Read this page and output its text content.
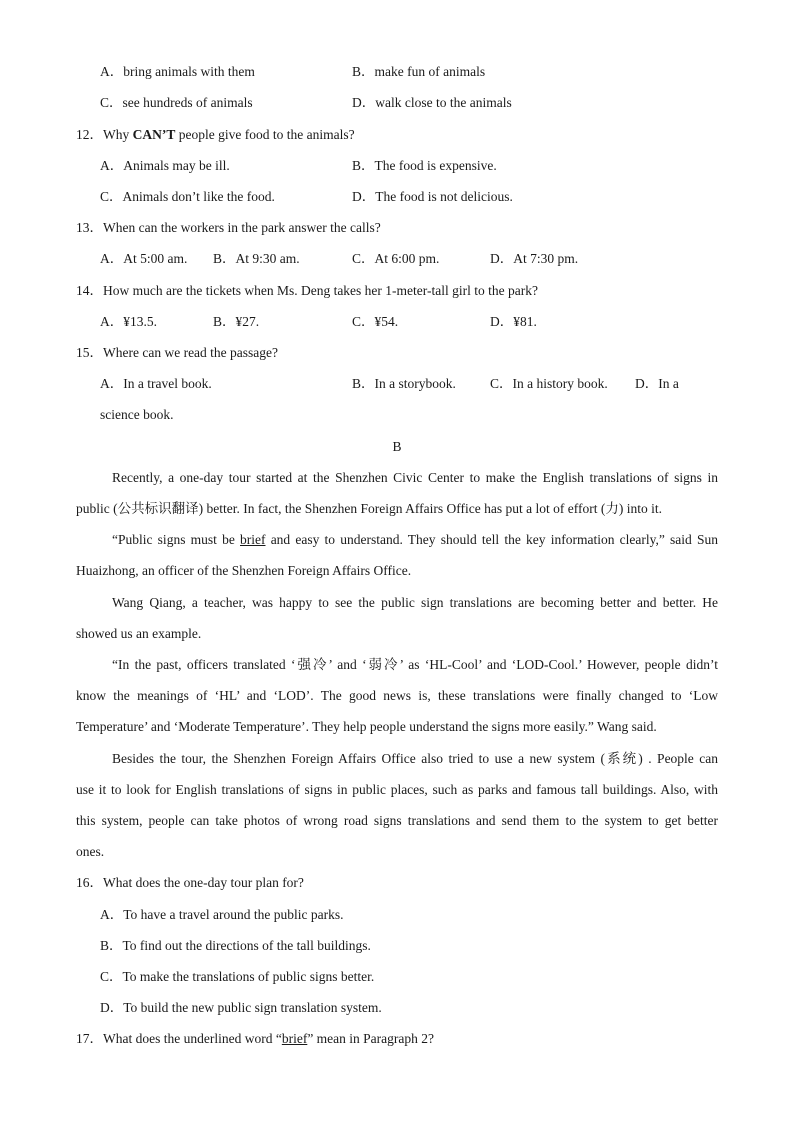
A．bring animals with them	B．make fun of animals
C．see hundreds of animals	D．walk close to the animals
12．Why CAN’T people give food to the animals?
A．Animals may be ill.	B．The food is expensive.
C．Animals don’t like the food.	D．The food is not delicious.
13．When can the workers in the park answer the calls?
A．At 5:00 am. B．At 9:30 am.	C．At 6:00 pm.	D．At 7:30 pm.
14．How much are the tickets when Ms. Deng takes her 1-meter-tall girl to the park?
A．¥13.5.	B．¥27.	C．¥54.	D．¥81.
15．Where can we read the passage?
A．In a travel book.	B．In a storybook.	C．In a history book. D．In a
science book.
B
Recently, a one-day tour started at the Shenzhen Civic Center to make the English translations of signs in
public (公共标识翻译) better. In fact, the Shenzhen Foreign Affairs Office has put a lot of effort (力) into it.
“Public signs must be brief and easy to understand. They should tell the key information clearly,” said Sun
Huaizhong, an officer of the Shenzhen Foreign Affairs Office.
Wang Qiang, a teacher, was happy to see the public sign translations are becoming better and better. He
showed us an example.
“In the past, officers translated ‘强冷’ and ‘弱冷’ as ‘HL-Cool’ and ‘LOD-Cool.’ However, people didn’t
know the meanings of ‘HL’ and ‘LOD’. The good news is, these translations were finally changed to ‘Low
Temperature’ and ‘Moderate Temperature’. They help people understand the signs more easily.” Wang said.
Besides the tour, the Shenzhen Foreign Affairs Office also tried to use a new system (系统) . People can
use it to look for English translations of signs in public places, such as parks and famous tall buildings. Also, with
this system, people can take photos of wrong road signs translations and send them to the system to get better
ones.
16．What does the one-day tour plan for?
A．To have a travel around the public parks.
B．To find out the directions of the tall buildings.
C．To make the translations of public signs better.
D．To build the new public sign translation system.
17．What does the underlined word “brief” mean in Paragraph 2?
